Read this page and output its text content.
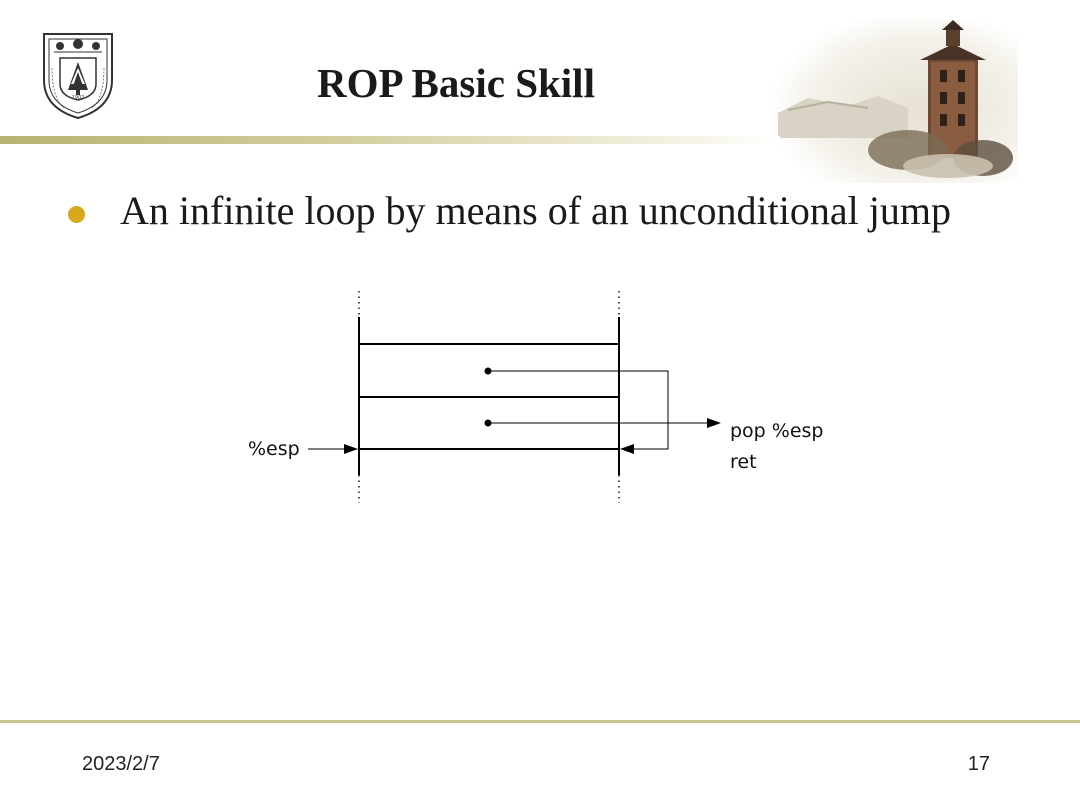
1902	ROP Basic Skill
An infinite loop by means of an unconditional jump
%esp
pop %esp
ret
2023/2/7	17
